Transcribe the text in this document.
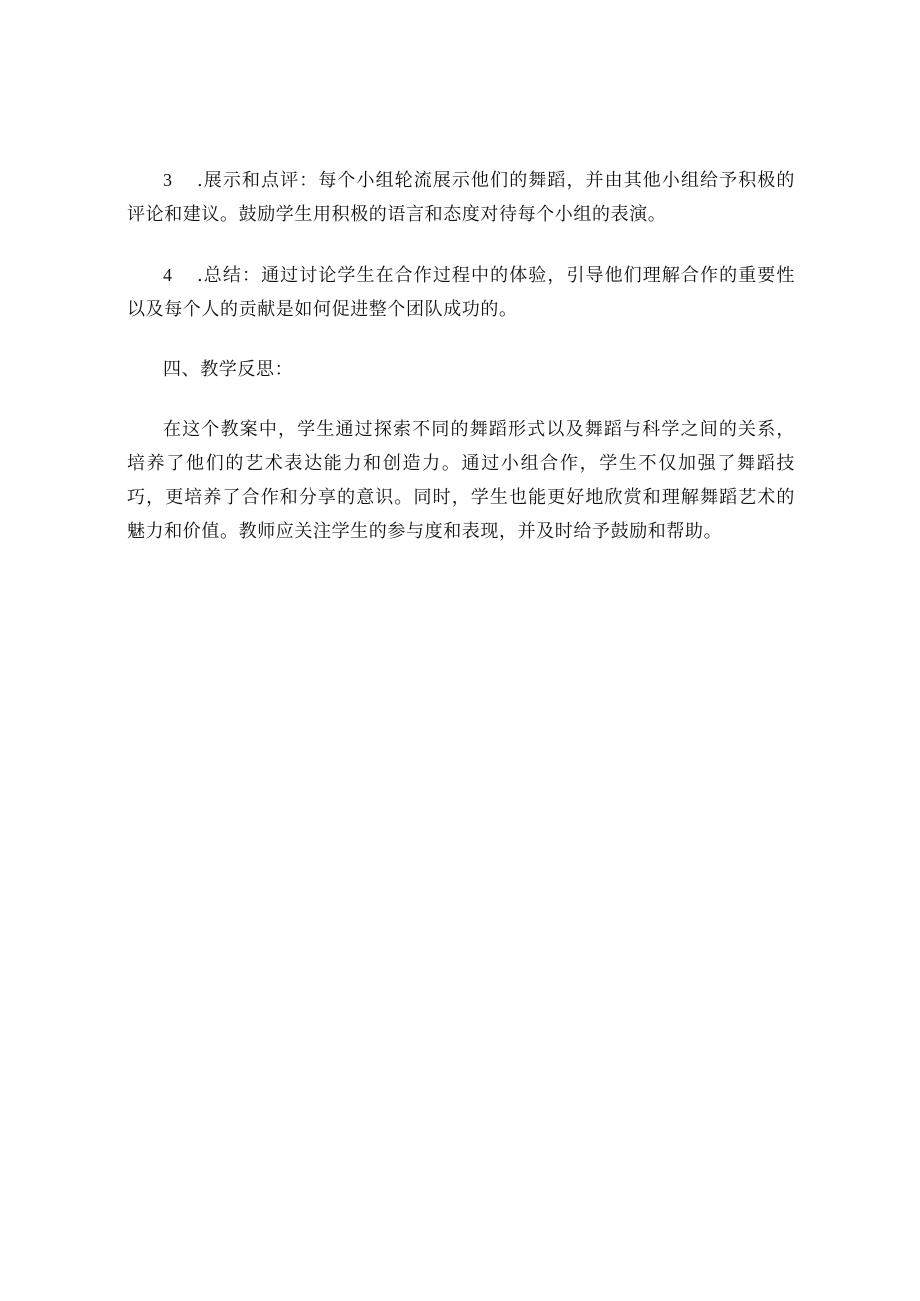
3 .展示和点评：每个小组轮流展示他们的舞蹈，并由其他小组给予积极的评论和建议。鼓励学生用积极的语言和态度对待每个小组的表演。

4 .总结：通过讨论学生在合作过程中的体验，引导他们理解合作的重要性以及每个人的贡献是如何促进整个团队成功的。

四、教学反思：

在这个教案中，学生通过探索不同的舞蹈形式以及舞蹈与科学之间的关系，培养了他们的艺术表达能力和创造力。通过小组合作，学生不仅加强了舞蹈技巧，更培养了合作和分享的意识。同时，学生也能更好地欣赏和理解舞蹈艺术的魅力和价值。教师应关注学生的参与度和表现，并及时给予鼓励和帮助。
